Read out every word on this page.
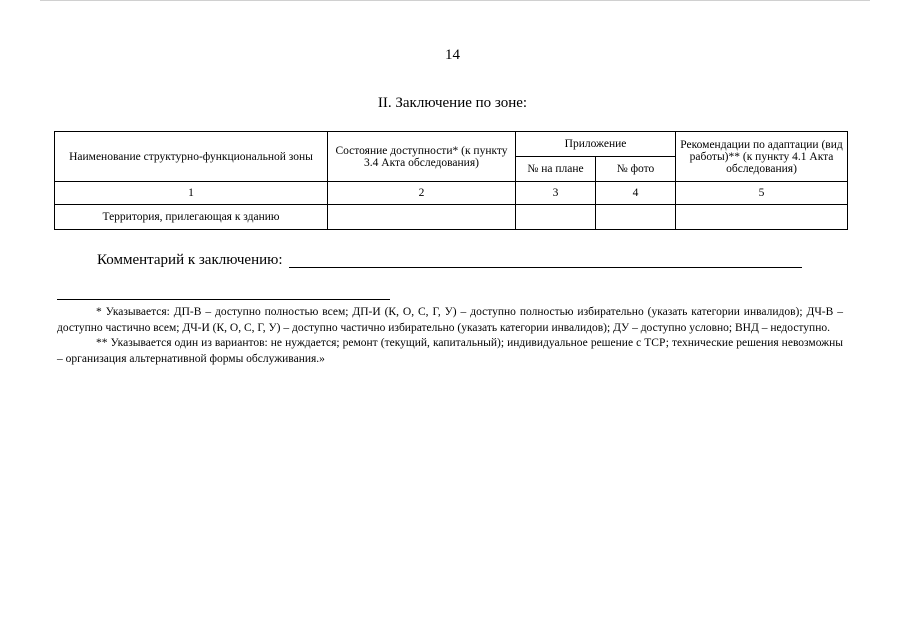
14
II. Заключение по зоне:
Наименование структурно-функциональной зоны	Состояние доступности* (к пункту 3.4 Акта обследования)	Приложение		Рекомендации по адаптации (вид работы)** (к пункту 4.1 Акта обследования)
		№ на плане	№ фото	
1	2	3	4	5
Территория, прилегающая к зданию				
Комментарий к заключению:

* Указывается: ДП-В – доступно полностью всем; ДП-И (К, О, С, Г, У) – доступно полностью избирательно (указать категории инвалидов); ДЧ-В – доступно частично всем; ДЧ-И (К, О, С, Г, У) – доступно частично избирательно (указать категории инвалидов); ДУ – доступно условно; ВНД – недоступно.

** Указывается один из вариантов: не нуждается; ремонт (текущий, капитальный); индивидуальное решение с ТСР; технические решения невозможны – организация альтернативной формы обслуживания.»
